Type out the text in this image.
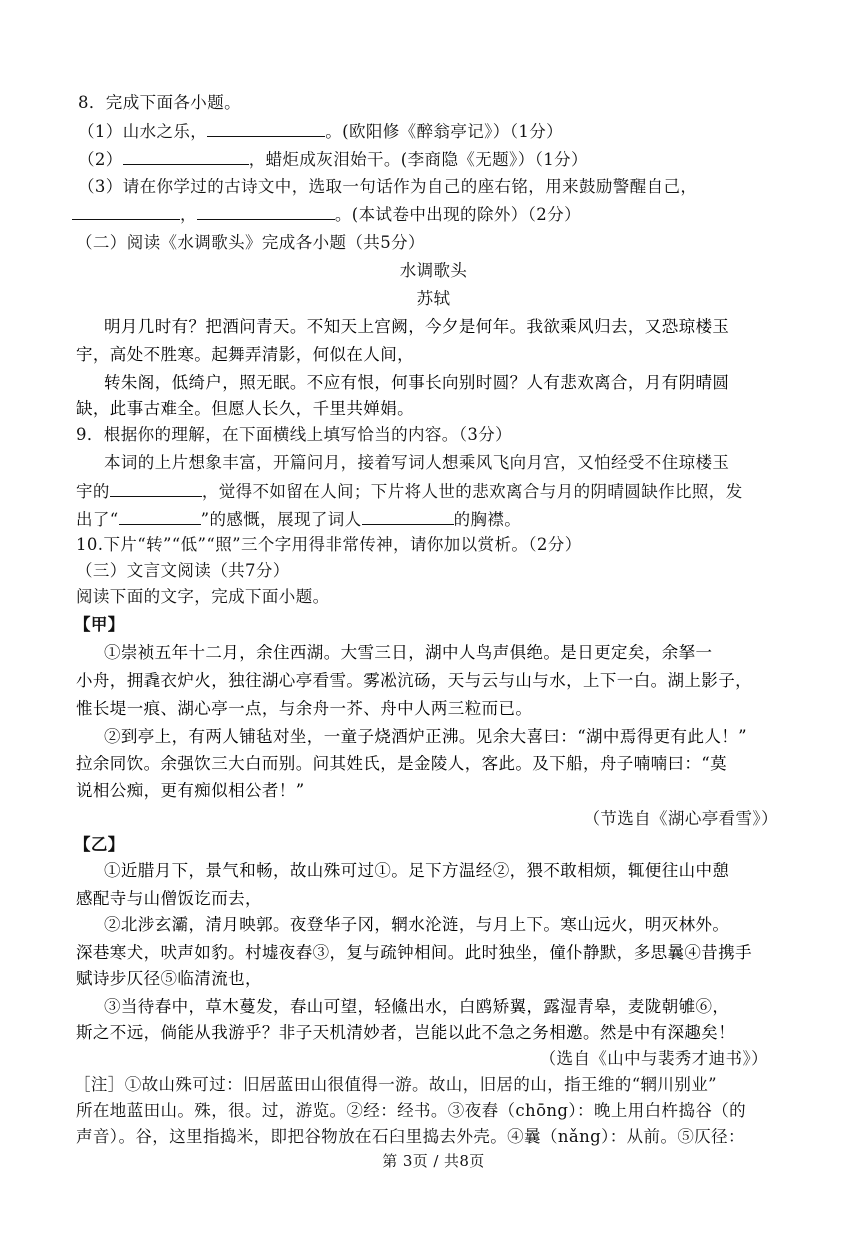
8．完成下面各小题。
（1）山水之乐，	。(欧阳修《醉翁亭记》）（1分）
（2）	，蜡炬成灰泪始干。(李商隐《无题》）（1分）
（3）请在你学过的古诗文中，选取一句话作为自己的座右铭，用来鼓励警醒自己，
，	。(本试卷中出现的除外）（2分）
（二）阅读《水调歌头》完成各小题（共5分）
水调歌头
苏轼
明月几时有？把酒问青天。不知天上宫阙，今夕是何年。我欲乘风归去，又恐琼楼玉
宇，高处不胜寒。起舞弄清影，何似在人间，
转朱阁，低绮户，照无眠。不应有恨，何事长向别时圆？人有悲欢离合，月有阴晴圆
缺，此事古难全。但愿人长久，千里共婵娟。
9．根据你的理解，在下面横线上填写恰当的内容。（3分）
本词的上片想象丰富，开篇问月，接着写词人想乘风飞向月宫，又怕经受不住琼楼玉
宇的	，觉得不如留在人间；下片将人世的悲欢离合与月的阴晴圆缺作比照，发
出了“	”的感慨，展现了词人	的胸襟。
10.下片“转”“低”“照”三个字用得非常传神，请你加以赏析。（2分）
（三）文言文阅读（共7分）
阅读下面的文字，完成下面小题。
【甲】
①崇祯五年十二月，余住西湖。大雪三日，湖中人鸟声俱绝。是日更定矣，余拏一
小舟，拥毳衣炉火，独往湖心亭看雪。雾凇沆砀，天与云与山与水，上下一白。湖上影子，
惟长堤一痕、湖心亭一点，与余舟一芥、舟中人两三粒而已。
②到亭上，有两人铺毡对坐，一童子烧酒炉正沸。见余大喜曰：“湖中焉得更有此人！”
拉余同饮。余强饮三大白而别。问其姓氏，是金陵人，客此。及下船，舟子喃喃曰：“莫
说相公痴，更有痴似相公者！”
（节选自《湖心亭看雪》）
【乙】
①近腊月下，景气和畅，故山殊可过①。足下方温经②，猥不敢相烦，辄便往山中憩
感配寺与山僧饭讫而去，
②北涉玄灞，清月映郭。夜登华子冈，辋水沦涟，与月上下。寒山远火，明灭林外。
深巷寒犬，吠声如豹。村墟夜舂③，复与疏钟相间。此时独坐，僮仆静默，多思曩④昔携手
赋诗步仄径⑤临清流也，
③当待春中，草木蔓发，春山可望，轻鯈出水，白鸥矫翼，露湿青皋，麦陇朝雊⑥，
斯之不远，倘能从我游乎？非子天机清妙者，岂能以此不急之务相邀。然是中有深趣矣！
（选自《山中与裴秀才迪书》）
［注］①故山殊可过：旧居蓝田山很值得一游。故山，旧居的山，指王维的“辋川别业”
所在地蓝田山。殊，很。过，游览。②经：经书。③夜舂（chōng）：晚上用白杵捣谷（的
声音）。谷，这里指捣米，即把谷物放在石臼里捣去外壳。④曩（nǎng）：从前。⑤仄径：
第 3页 / 共8页
